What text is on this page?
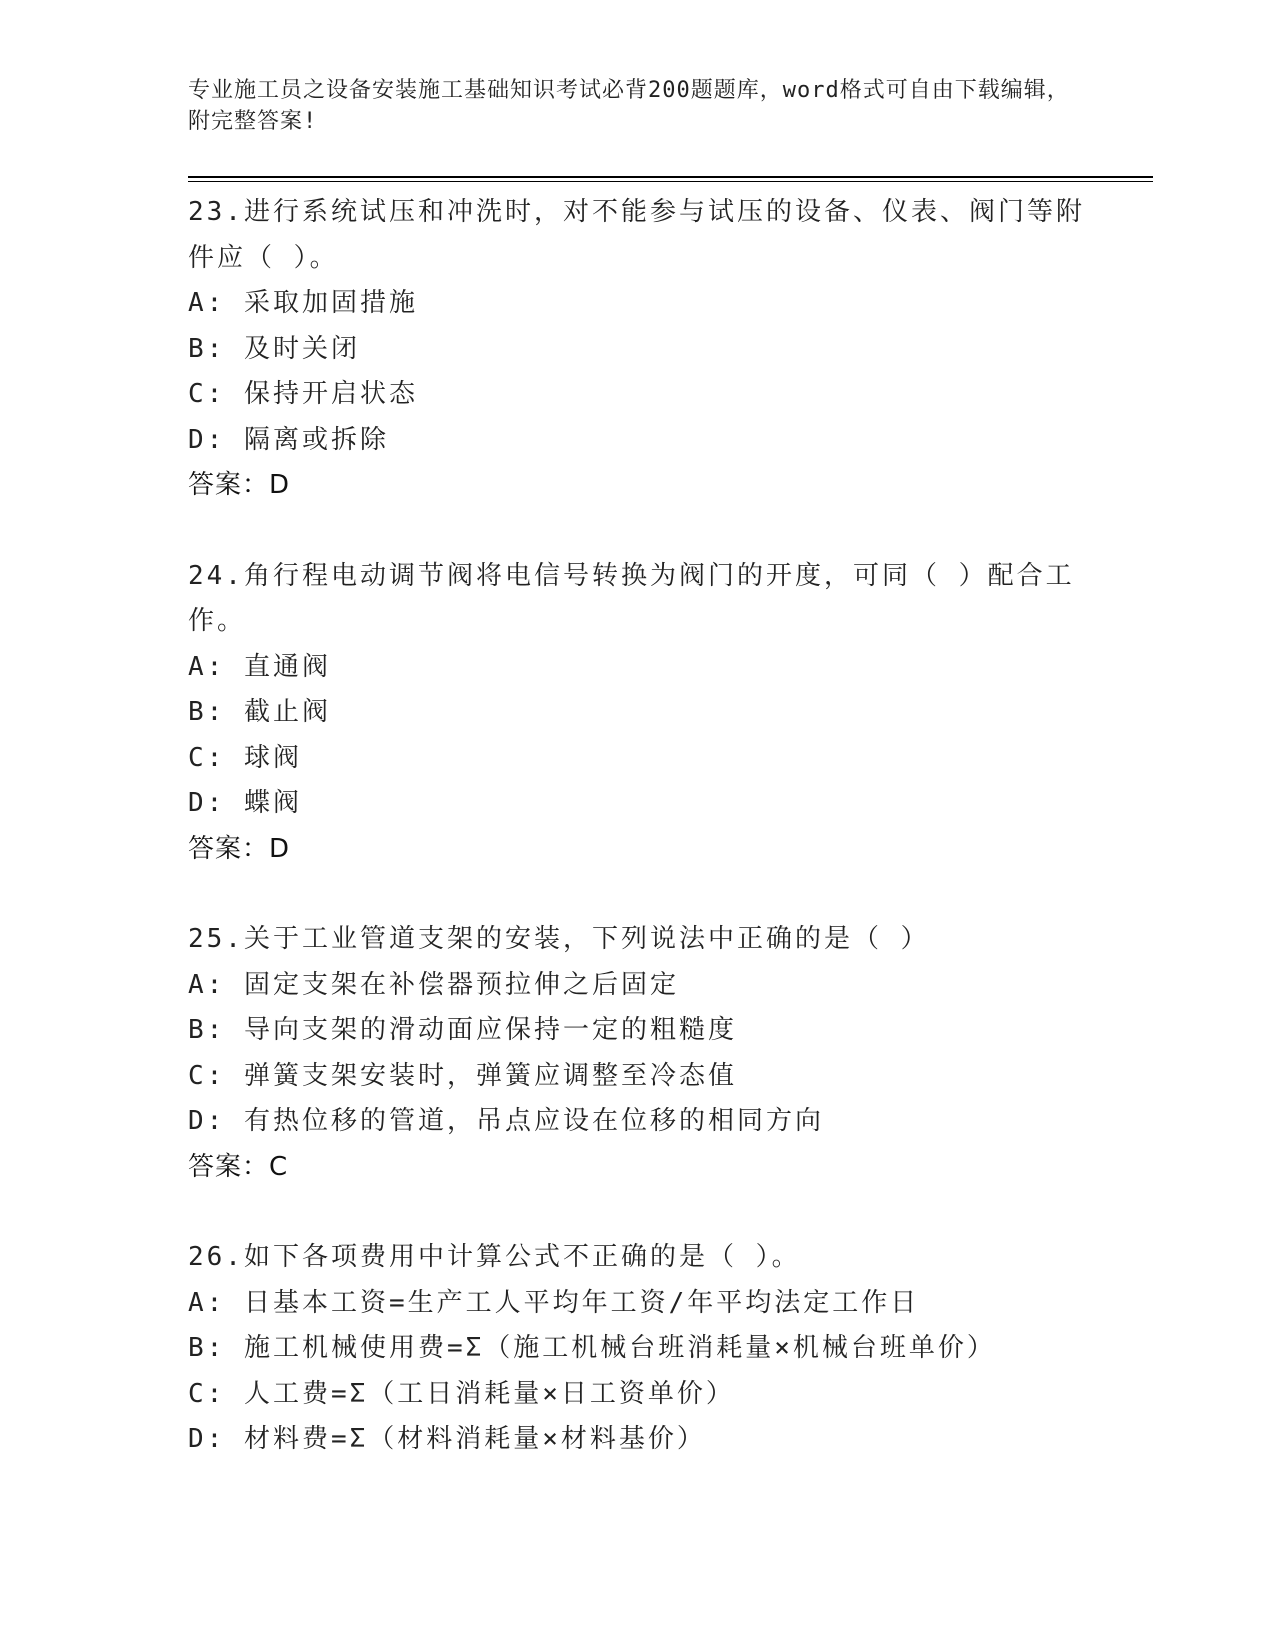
专业施工员之设备安装施工基础知识考试必背200题题库，word格式可自由下载编辑，附完整答案!
23.进行系统试压和冲洗时，对不能参与试压的设备、仪表、阀门等附件应（ ）。
A: 采取加固措施
B: 及时关闭
C: 保持开启状态
D: 隔离或拆除
答案：D
24.角行程电动调节阀将电信号转换为阀门的开度，可同（ ）配合工作。
A: 直通阀
B: 截止阀
C: 球阀
D: 蝶阀
答案：D
25.关于工业管道支架的安装，下列说法中正确的是（ ）
A: 固定支架在补偿器预拉伸之后固定
B: 导向支架的滑动面应保持一定的粗糙度
C: 弹簧支架安装时，弹簧应调整至冷态值
D: 有热位移的管道，吊点应设在位移的相同方向
答案：C
26.如下各项费用中计算公式不正确的是（ ）。
A: 日基本工资=生产工人平均年工资/年平均法定工作日
B: 施工机械使用费=Σ（施工机械台班消耗量×机械台班单价）
C: 人工费=Σ（工日消耗量×日工资单价）
D: 材料费=Σ（材料消耗量×材料基价）
